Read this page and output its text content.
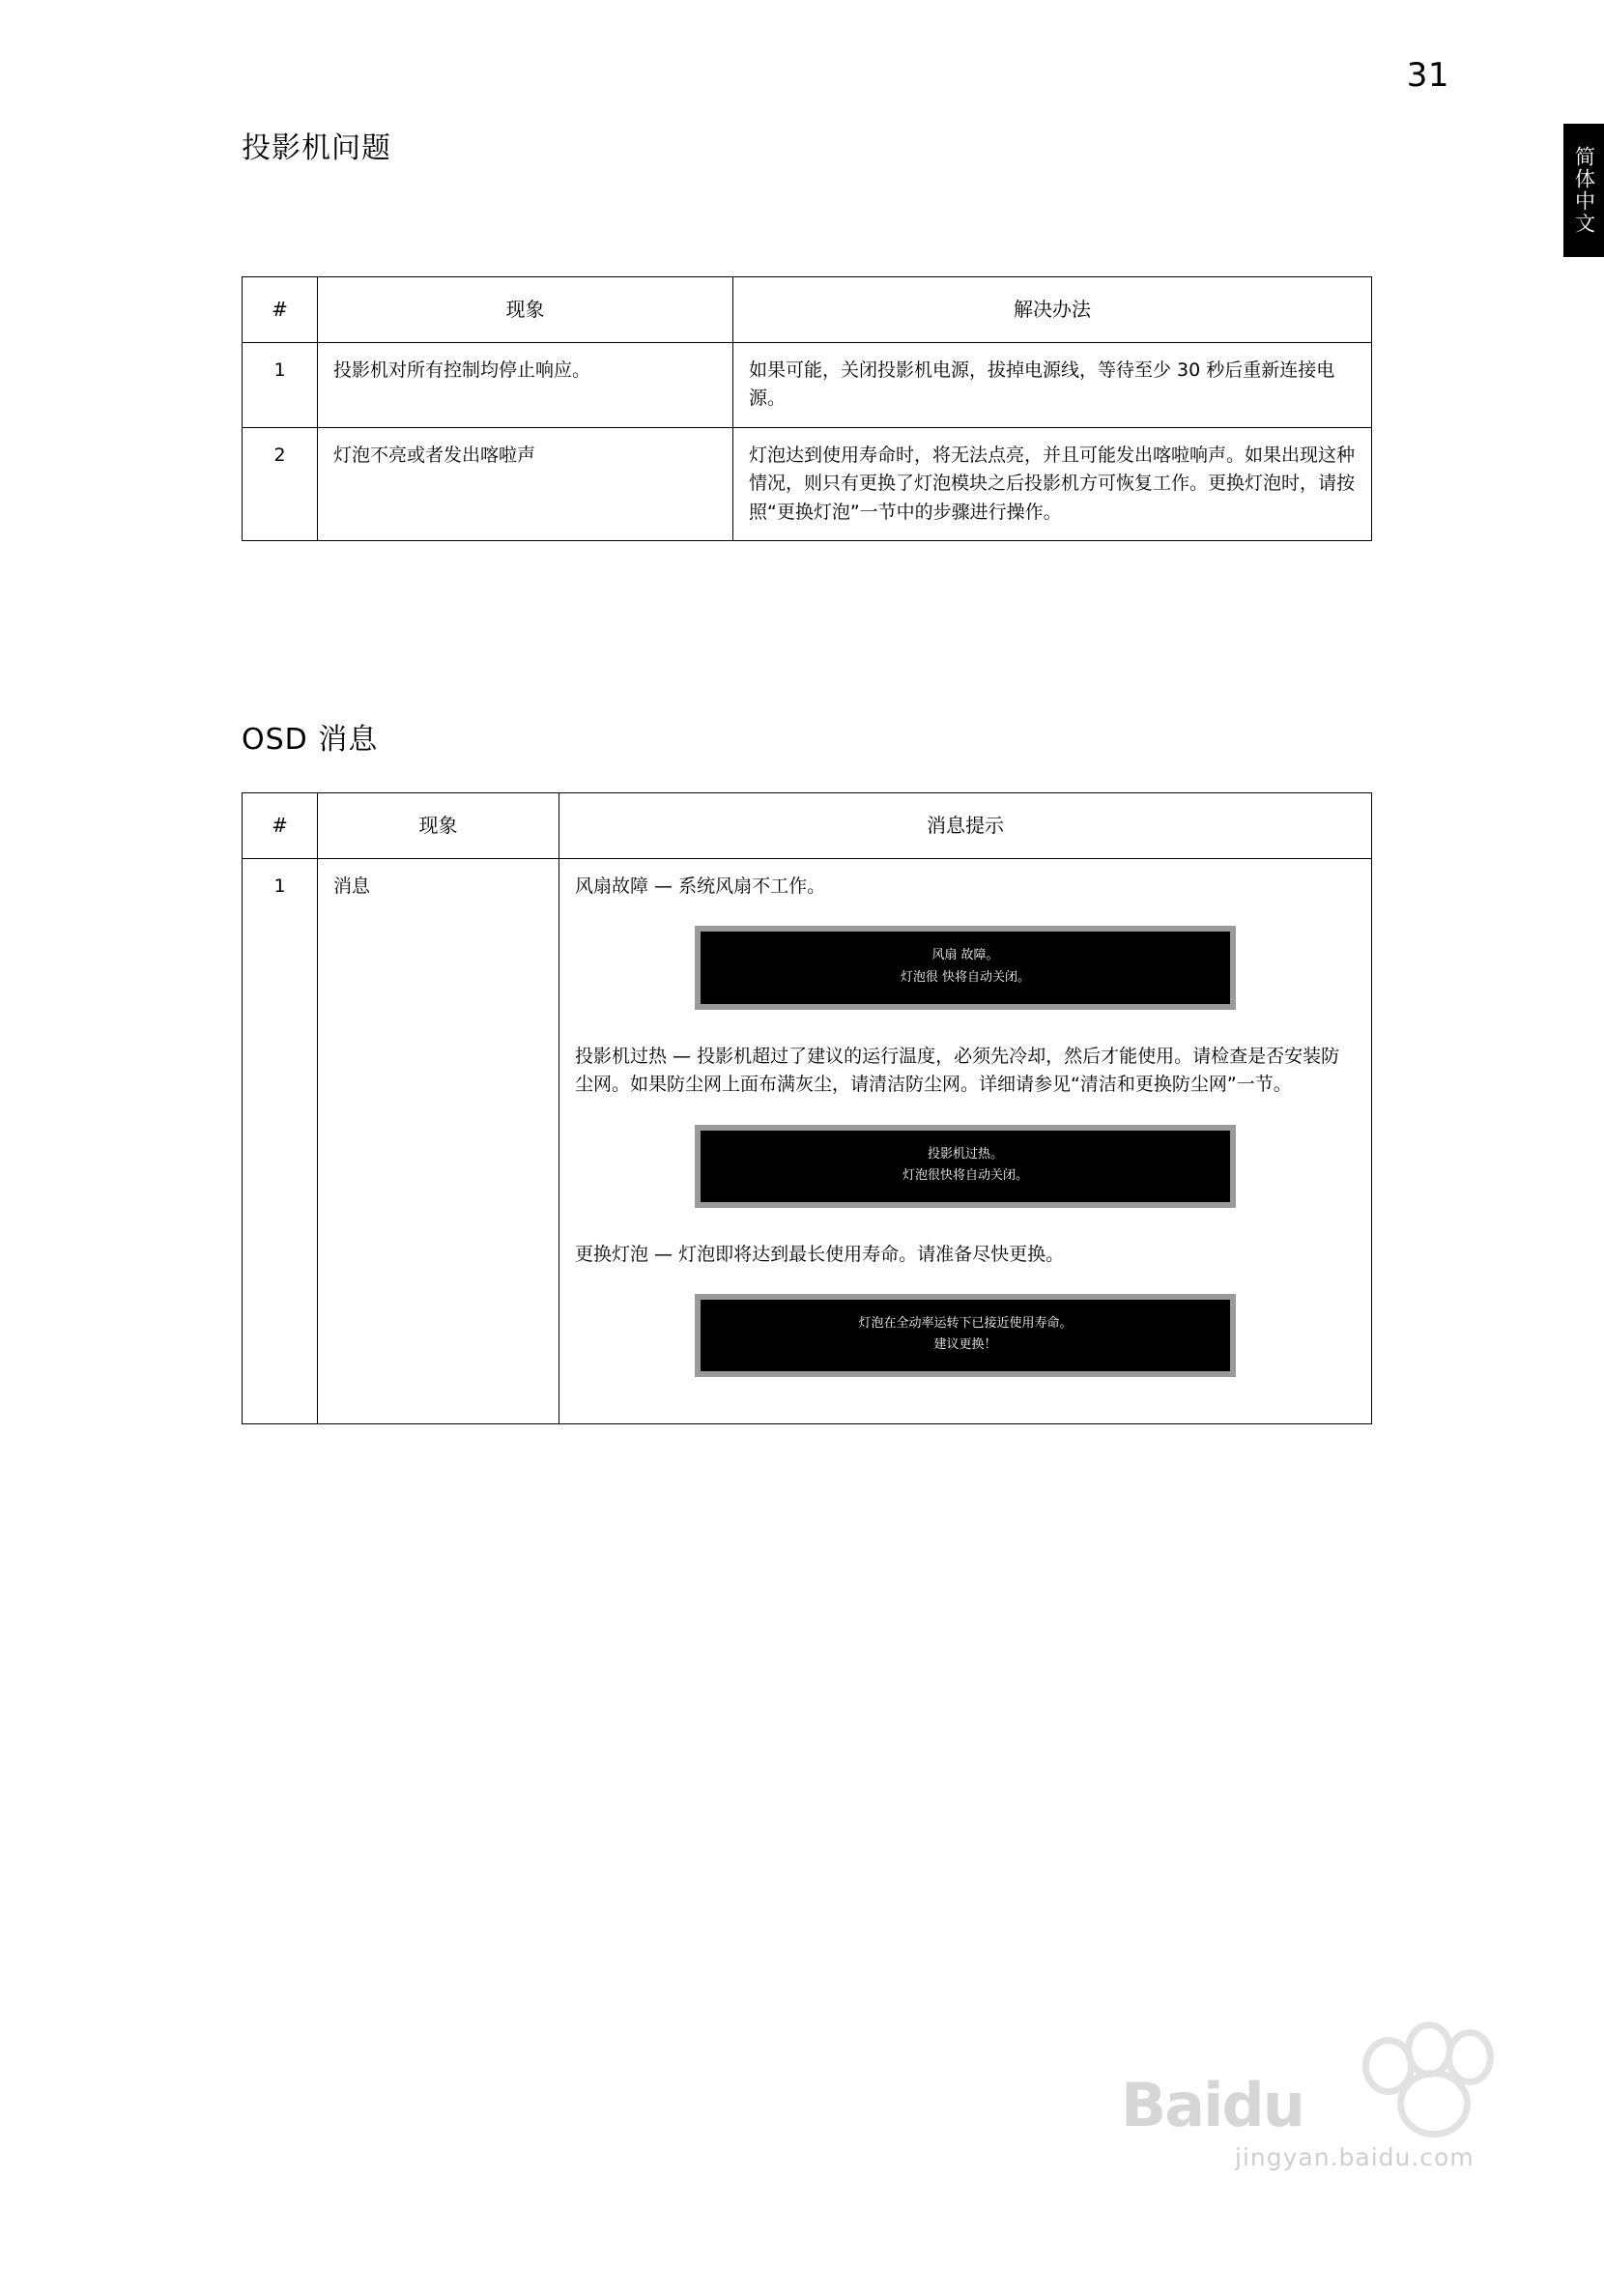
31
简体中文
投影机问题
#	现象	解决办法
1	投影机对所有控制均停止响应。	如果可能，关闭投影机电源，拔掉电源线，等待至少 30 秒后重新连接电源。
2	灯泡不亮或者发出喀啦声	灯泡达到使用寿命时，将无法点亮，并且可能发出喀啦响声。如果出现这种情况，则只有更换了灯泡模块之后投影机方可恢复工作。更换灯泡时，请按照“更换灯泡”一节中的步骤进行操作。
OSD 消息
#	现象	消息提示
1	消息	风扇故障 — 系统风扇不工作。

风扇 故障。
灯泡很 快将自动关闭。

投影机过热 — 投影机超过了建议的运行温度，必须先冷却，然后才能使用。请检查是否安装防尘网。如果防尘网上面布满灰尘，请清洁防尘网。详细请参见“清洁和更换防尘网”一节。

投影机过热。
灯泡很快将自动关闭。

更换灯泡 — 灯泡即将达到最长使用寿命。请准备尽快更换。

灯泡在全动率运转下已接近使用寿命。
建议更换！
Baidu
jingyan.baidu.com
